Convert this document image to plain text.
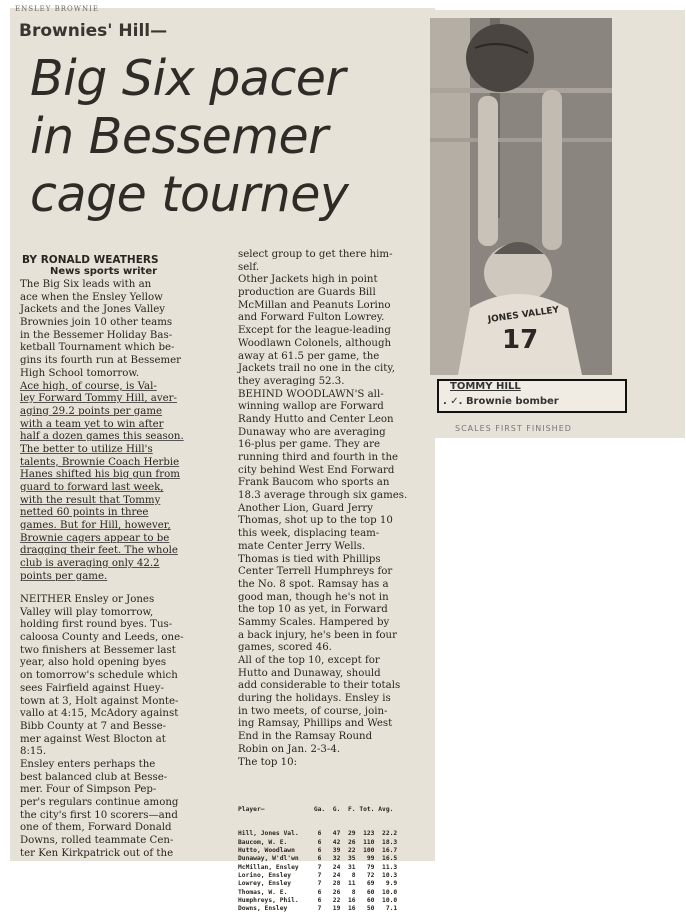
ENSLEY BROWNIE
Brownies' Hill—
Big Six pacer
in Bessemer
cage tourney
BY RONALD WEATHERS
News sports writer
The Big Six leads with an
ace when the Ensley Yellow
Jackets and the Jones Valley
Brownies join 10 other teams
in the Bessemer Holiday Bas-
ketball Tournament which be-
gins its fourth run at Bessemer
High School tomorrow.
Ace high, of course, is Val-
ley Forward Tommy Hill, aver-
aging 29.2 points per game
with a team yet to win after
half a dozen games this season.
The better to utilize Hill's
talents, Brownie Coach Herbie
Hanes shifted his big gun from
guard to forward last week,
with the result that Tommy
netted 60 points in three
games. But for Hill, however,
Brownie cagers appear to be
dragging their feet. The whole
club is averaging only 42.2
points per game.
NEITHER Ensley or Jones
Valley will play tomorrow,
holding first round byes. Tus-
caloosa County and Leeds, one-
two finishers at Bessemer last
year, also hold opening byes
on tomorrow's schedule which
sees Fairfield against Huey-
town at 3, Holt against Monte-
vallo at 4:15, McAdory against
Bibb County at 7 and Besse-
mer against West Blocton at
8:15.
Ensley enters perhaps the
best balanced club at Besse-
mer. Four of Simpson Pep-
per's regulars continue among
the city's first 10 scorers—and
one of them, Forward Donald
Downs, rolled teammate Cen-
ter Ken Kirkpatrick out of the
select group to get there him-
self.
Other Jackets high in point
production are Guards Bill
McMillan and Peanuts Lorino
and Forward Fulton Lowrey.
Except for the league-leading
Woodlawn Colonels, although
away at 61.5 per game, the
Jackets trail no one in the city,
they averaging 52.3.
BEHIND WOODLAWN'S all-
winning wallop are Forward
Randy Hutto and Center Leon
Dunaway who are averaging
16-plus per game. They are
running third and fourth in the
city behind West End Forward
Frank Baucom who sports an
18.3 average through six games.
Another Lion, Guard Jerry
Thomas, shot up to the top 10
this week, displacing team-
mate Center Jerry Wells.
Thomas is tied with Phillips
Center Terrell Humphreys for
the No. 8 spot. Ramsay has a
good man, though he's not in
the top 10 as yet, in Forward
Sammy Scales. Hampered by
a back injury, he's been in four
games, scored 46.
All of the top 10, except for
Hutto and Dunaway, should
add considerable to their totals
during the holidays. Ensley is
in two meets, of course, join-
ing Ramsay, Phillips and West
End in the Ramsay Round
Robin on Jan. 2-3-4.
The top 10:

Player—             Ga.  G.  F. Tot. Avg.

Hill, Jones Val.     6   47  29  123  22.2
Baucom, W. E.        6   42  26  110  18.3
Hutto, Woodlawn      6   39  22  100  16.7
Dunaway, W'dl'wn     6   32  35   99  16.5
McMillan, Ensley     7   24  31   79  11.3
Lorino, Ensley       7   24   8   72  10.3
Lowrey, Ensley       7   28  11   69   9.9
Thomas, W. E.        6   26   8   60  10.0
Humphreys, Phil.     6   22  16   60  10.0
Downs, Ensley        7   19  16   50   7.1

17
JONES VALLEY
TOMMY HILL
. ✓. Brownie bomber
SCALES FIRST FINISHED
